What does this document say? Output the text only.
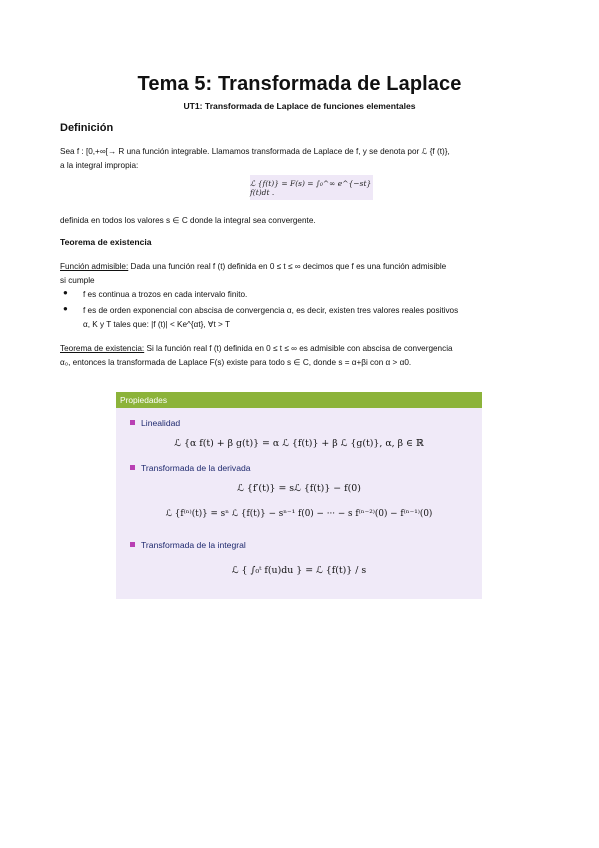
Tema 5: Transformada de Laplace
UT1: Transformada de Laplace de funciones elementales
Definición
Sea f : [0,+∞[→ R una función integrable. Llamamos transformada de Laplace de f, y se denota por ℒ {f (t)},
a la integral impropia:
ℒ {f(t)} = F(s) = ∫₀^∞ e^{−st} f(t)dt .
definida en todos los valores s ∈ C donde la integral sea convergente.
Teorema de existencia
Función admisible: Dada una función real f (t) definida en 0 ≤ t ≤ ∞ decimos que f es una función admisible
si cumple
● f es continua a trozos en cada intervalo finito.
● f es de orden exponencial con abscisa de convergencia α, es decir, existen tres valores reales positivos
α, K y T tales que: |f (t)| < Ke^{αt}, ∀t > T
Teorema de existencia: Si la función real f (t) definida en 0 ≤ t ≤ ∞ es admisible con abscisa de convergencia
α₀, entonces la transformada de Laplace F(s) existe para todo s ∈ C, donde s = α+βi con α > α0.
Propiedades
Linealidad
ℒ {α f(t) + β g(t)} = α ℒ {f(t)} + β ℒ {g(t)}, α, β ∈ ℝ
Transformada de la derivada
ℒ {f′(t)} = sℒ {f(t)} − f(0)
ℒ {f⁽ⁿ⁾(t)} = sⁿ ℒ {f(t)} − sⁿ⁻¹ f(0) − ··· − s f⁽ⁿ⁻²⁾(0) − f⁽ⁿ⁻¹⁾(0)
Transformada de la integral
ℒ { ∫₀ᵗ f(u)du } = ℒ {f(t)} / s
